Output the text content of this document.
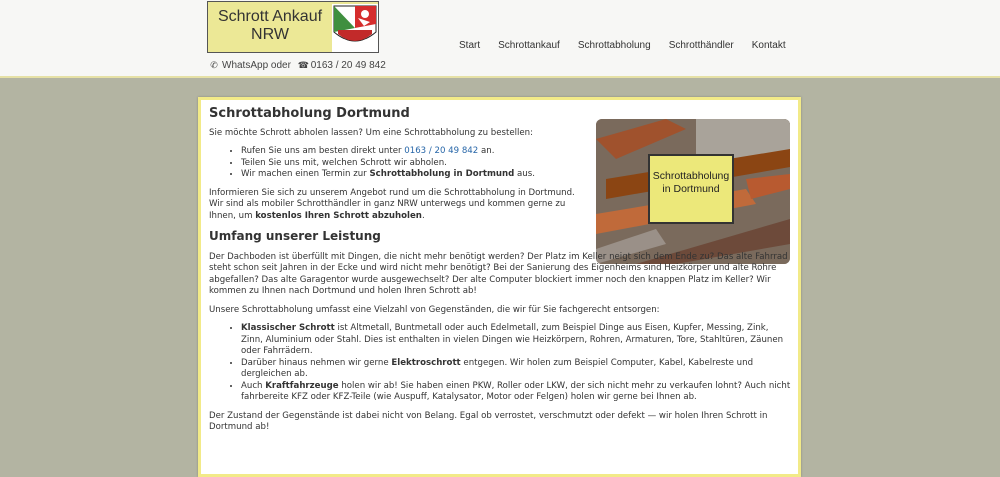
Schrott Ankauf NRW
✆ WhatsApp oder ☎ 0163 / 20 49 842
Start Schrottankauf Schrottabholung Schrotthändler Kontakt
Schrottabholung in Dortmund
Schrottabholung Dortmund

Sie möchte Schrott abholen lassen? Um eine Schrottabholung zu bestellen:

• Rufen Sie uns am besten direkt unter 0163 / 20 49 842 an.
• Teilen Sie uns mit, welchen Schrott wir abholen.
• Wir machen einen Termin zur Schrottabholung in Dortmund aus.

Informieren Sie sich zu unserem Angebot rund um die Schrottabholung in Dortmund. Wir sind als mobiler Schrotthändler in ganz NRW unterwegs und kommen gerne zu Ihnen, um kostenlos Ihren Schrott abzuholen.

Umfang unserer Leistung

Der Dachboden ist überfüllt mit Dingen, die nicht mehr benötigt werden? Der Platz im Keller neigt sich dem Ende zu? Das alte Fahrrad steht schon seit Jahren in der Ecke und wird nicht mehr benötigt? Bei der Sanierung des Eigenheims sind Heizkörper und alte Rohre abgefallen? Das alte Garagentor wurde ausgewechselt? Der alte Computer blockiert immer noch den knappen Platz im Keller? Wir kommen zu Ihnen nach Dortmund und holen Ihren Schrott ab!

Unsere Schrottabholung umfasst eine Vielzahl von Gegenständen, die wir für Sie fachgerecht entsorgen:

• Klassischer Schrott ist Altmetall, Buntmetall oder auch Edelmetall, zum Beispiel Dinge aus Eisen, Kupfer, Messing, Zink, Zinn, Aluminium oder Stahl. Dies ist enthalten in vielen Dingen wie Heizkörpern, Rohren, Armaturen, Tore, Stahltüren, Zäunen oder Fahrrädern.
• Darüber hinaus nehmen wir gerne Elektroschrott entgegen. Wir holen zum Beispiel Computer, Kabel, Kabelreste und dergleichen ab.
• Auch Kraftfahrzeuge holen wir ab! Sie haben einen PKW, Roller oder LKW, der sich nicht mehr zu verkaufen lohnt? Auch nicht fahrbereite KFZ oder KFZ-Teile (wie Auspuff, Katalysator, Motor oder Felgen) holen wir gerne bei Ihnen ab.

Der Zustand der Gegenstände ist dabei nicht von Belang. Egal ob verrostet, verschmutzt oder defekt — wir holen Ihren Schrott in Dortmund ab!
